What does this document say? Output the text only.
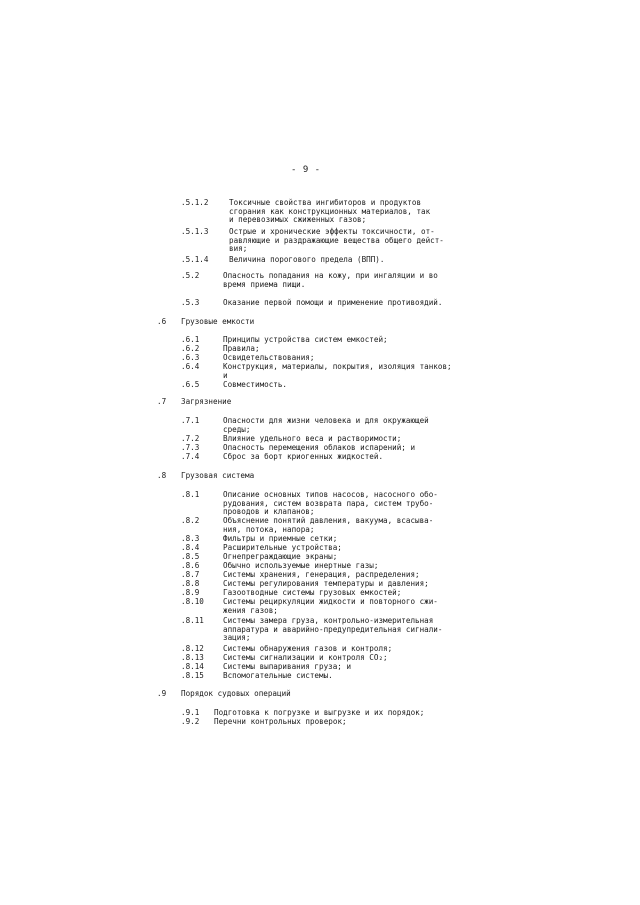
- 9 -
.5.1.2	Токсичные свойства ингибиторов и продуктов
сгорания как конструкционных материалов, так
и перевозимых сжиженных газов;
.5.1.3	Острые и хронические эффекты токсичности, от-
равляющие и раздражающие вещества общего дейст-
вия;
.5.1.4	Величина порогового предела (ВПП).
.5.2	Опасность попадания на кожу, при ингаляции и во
время приема пищи.
.5.3	Оказание первой помощи и применение противоядий.
.6	Грузовые емкости
.6.1	Принципы устройства систем емкостей;
.6.2	Правила;
.6.3	Освидетельствования;
.6.4	Конструкция, материалы, покрытия, изоляция танков;
и
.6.5	Совместимость.
.7	Загрязнение
.7.1	Опасности для жизни человека и для окружающей
среды;
.7.2	Влияние удельного веса и растворимости;
.7.3	Опасность перемещения облаков испарений; и
.7.4	Сброс за борт криогенных жидкостей.
.8	Грузовая система
.8.1	Описание основных типов насосов, насосного обо-
рудования, систем возврата пара, систем трубо-
проводов и клапанов;
.8.2	Объяснение понятий давления, вакуума, всасыва-
ния, потока, напора;
.8.3	Фильтры и приемные сетки;
.8.4	Расширительные устройства;
.8.5	Огнепреграждающие экраны;
.8.6	Обычно используемые инертные газы;
.8.7	Системы хранения, генерация, распределения;
.8.8	Системы регулирования температуры и давления;
.8.9	Газоотводные системы грузовых емкостей;
.8.10	Системы рециркуляции жидкости и повторного сжи-
жения газов;
.8.11	Системы замера груза, контрольно-измерительная
аппаратура и аварийно-предупредительная сигнали-
зация;
.8.12	Системы обнаружения газов и контроля;
.8.13	Системы сигнализации и контроля CO₂;
.8.14	Системы выпаривания груза; и
.8.15	Вспомогательные системы.
.9	Порядок судовых операций
.9.1	Подготовка к погрузке и выгрузке и их порядок;
.9.2	Перечни контрольных проверок;
